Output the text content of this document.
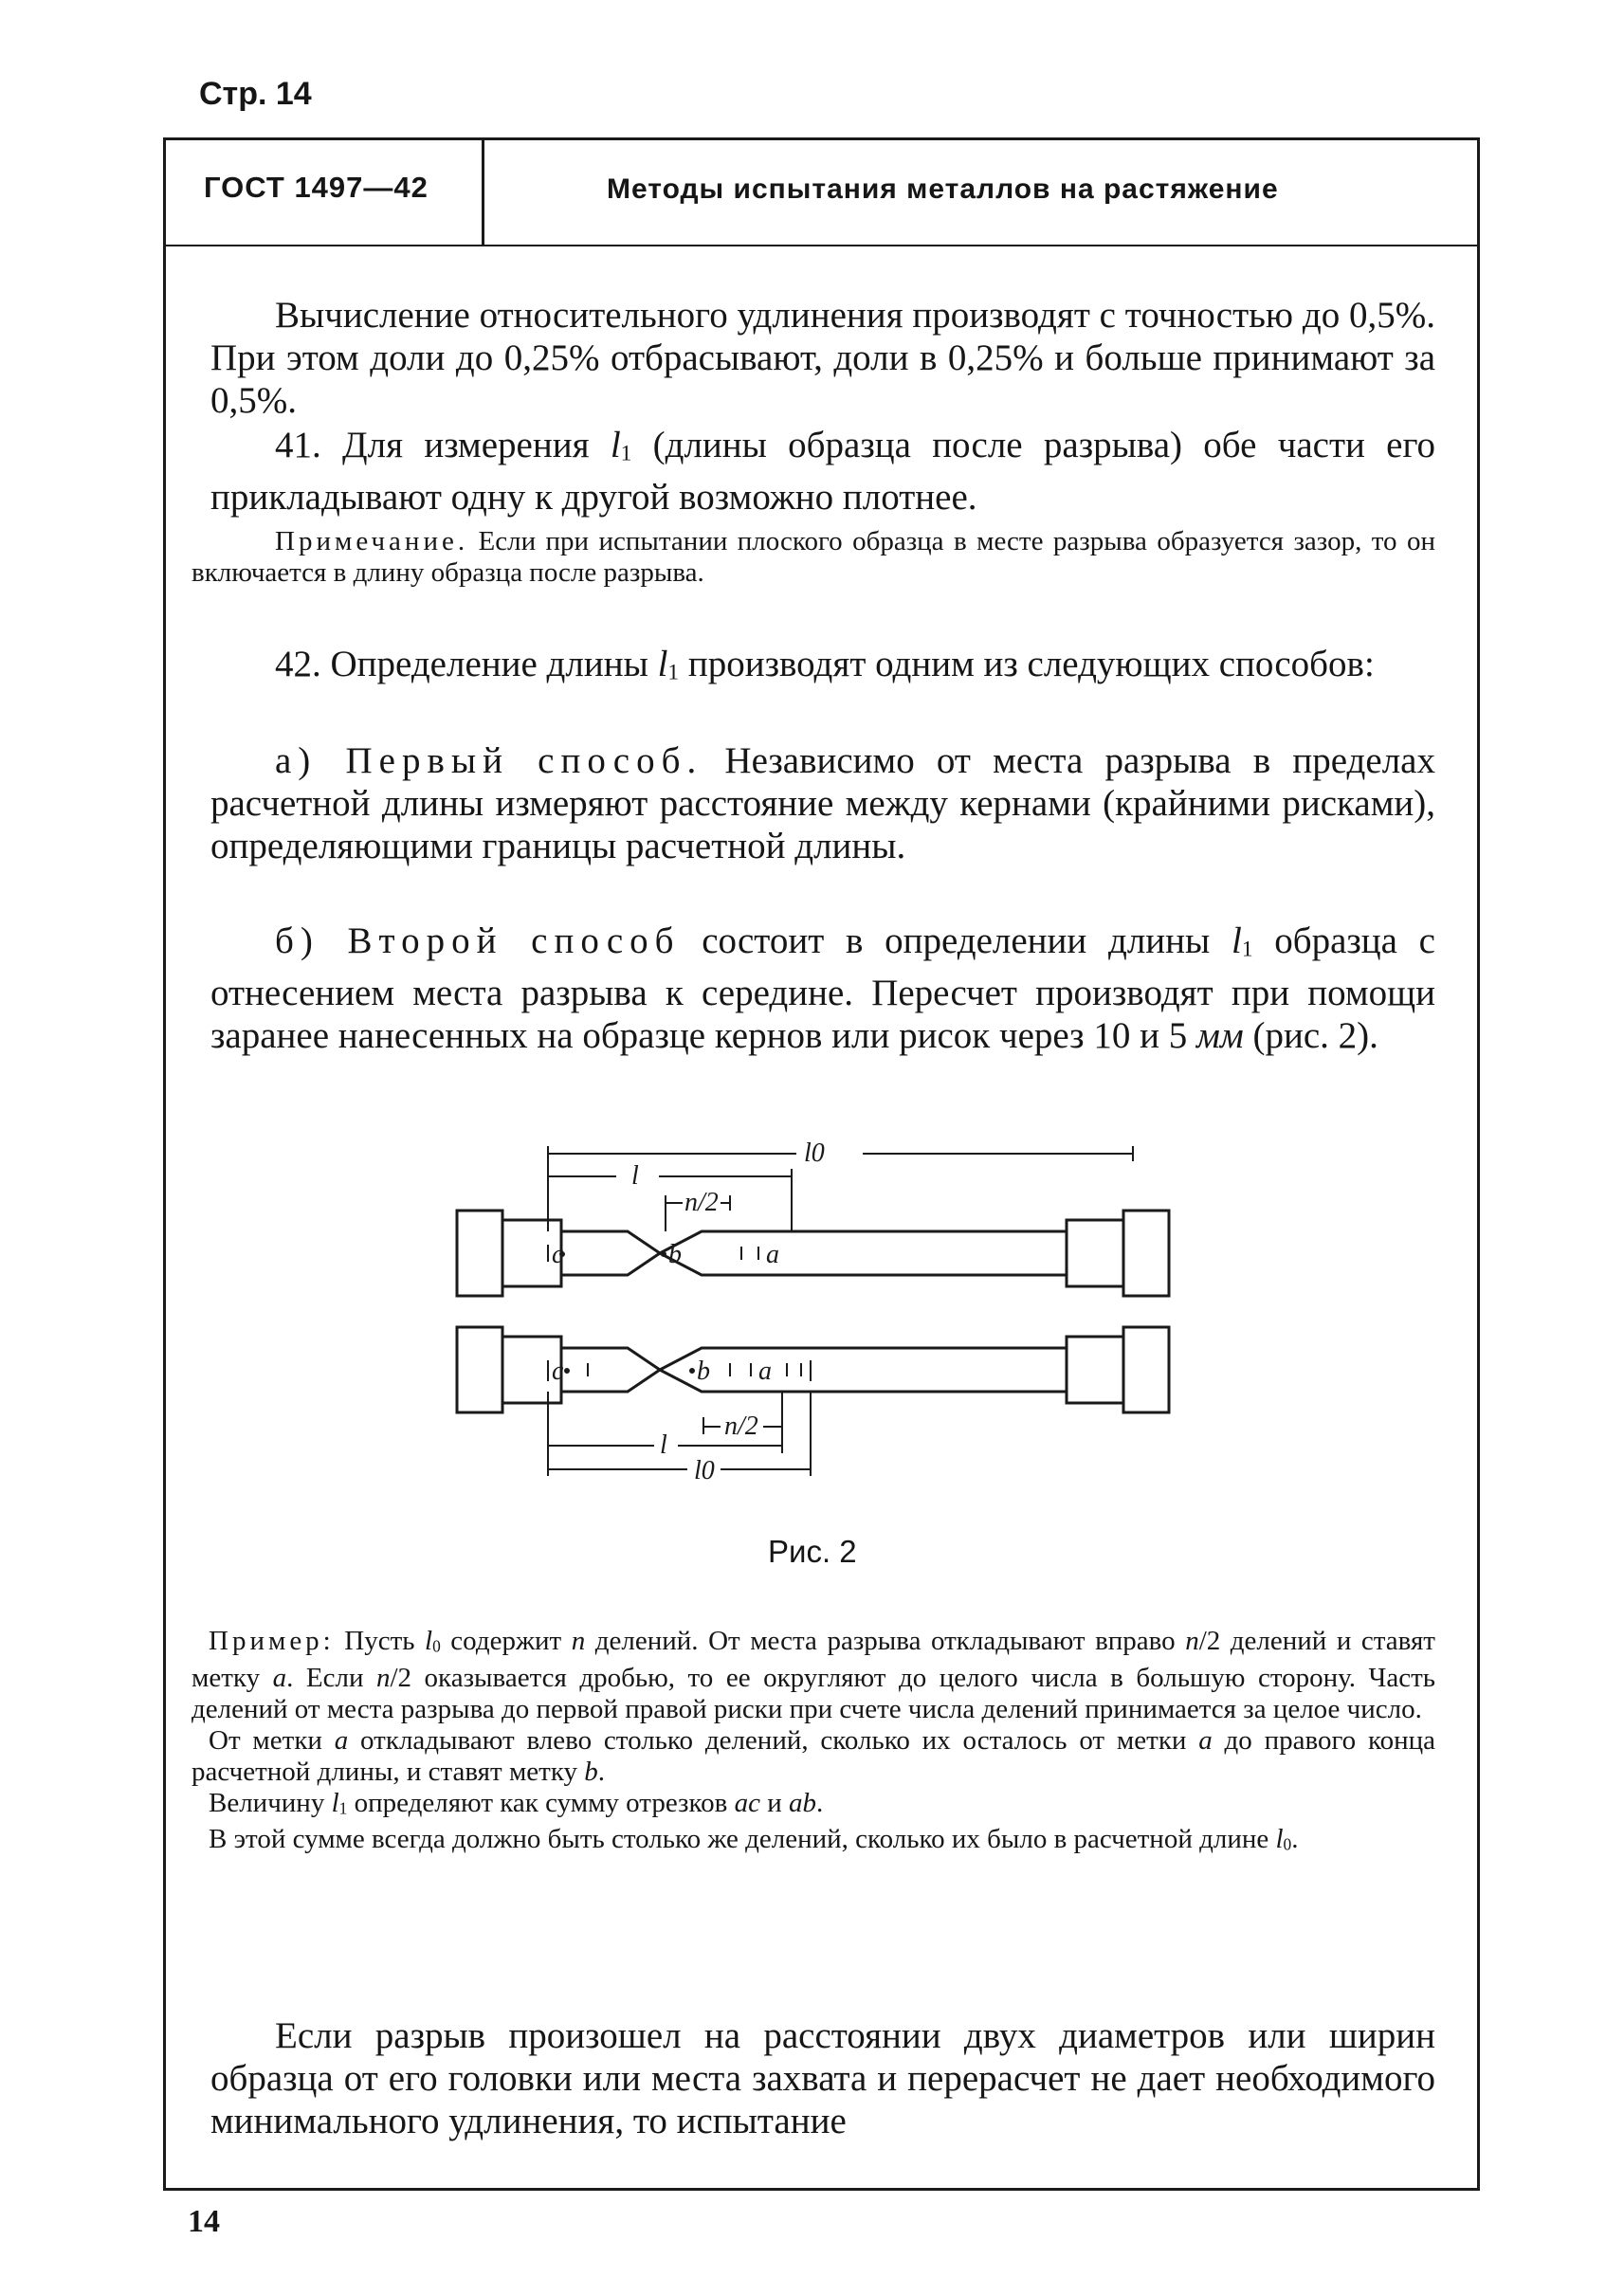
Стр. 14
ГОСТ 1497—42	Методы испытания металлов на растяжение

Вычисление относительного удлинения производят с точностью до 0,5%. При этом доли до 0,25% отбрасывают, доли в 0,25% и больше принимают за 0,5%.

41. Для измерения $l_1$ (длины образца после разрыва) обе части его прикладывают одну к другой возможно плотнее.

Примечание. Если при испытании плоского образца в месте разрыва образуется зазор, то он включается в длину образца после разрыва.

42. Определение длины $l_1$ производят одним из следующих способов:

а) Первый способ. Независимо от места разрыва в пределах расчетной длины измеряют расстояние между кернами (крайними рисками), определяющими границы расчетной длины.

б) Второй способ состоит в определении длины $l_1$ образца с отнесением места разрыва к середине. Пересчет производят при помощи заранее нанесенных на образце кернов или рисок через 10 и 5 мм (рис. 2).

l0
l
n/2
c	b	a
c	b a
n/2
l
l0
Рис. 2

Пример: Пусть $l_0$ содержит n делений. От места разрыва откладывают вправо n/2 делений и ставят метку a. Если n/2 оказывается дробью, то ее округляют до целого числа в большую сторону. Часть делений от места разрыва до первой правой риски при счете числа делений принимается за целое число.

От метки a откладывают влево столько делений, сколько их осталось от метки a до правого конца расчетной длины, и ставят метку b.

Величину $l_1$ определяют как сумму отрезков ac и ab.

В этой сумме всегда должно быть столько же делений, сколько их было в расчетной длине $l_0$.

Если разрыв произошел на расстоянии двух диаметров или ширин образца от его головки или места захвата и перерасчет не дает необходимого минимального удлинения, то испытание

14
